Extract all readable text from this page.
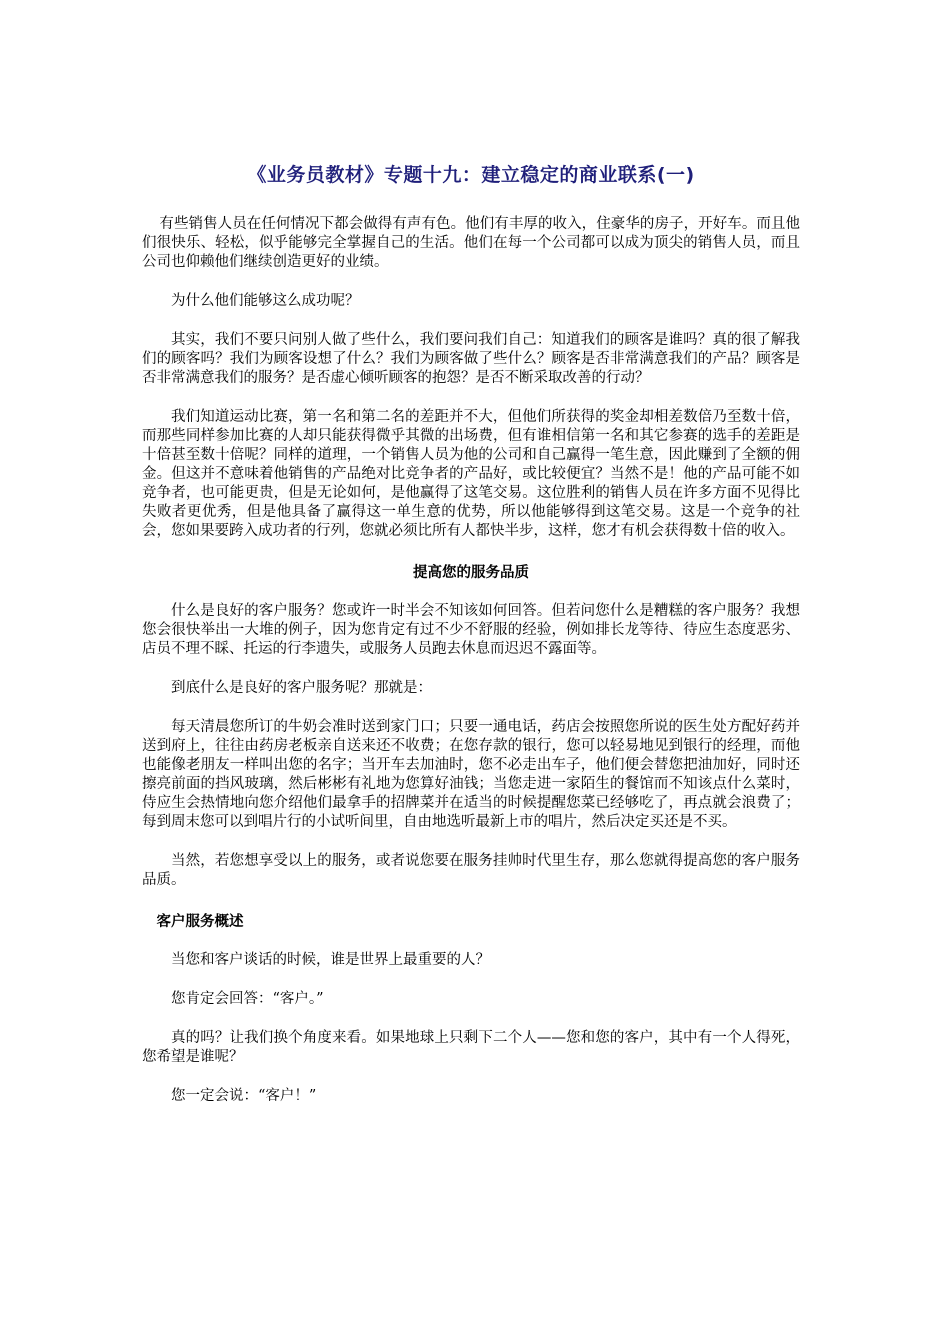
《业务员教材》专题十九：建立稳定的商业联系(一)

有些销售人员在任何情况下都会做得有声有色。他们有丰厚的收入，住豪华的房子，开好车。而且他们很快乐、轻松，似乎能够完全掌握自己的生活。他们在每一个公司都可以成为顶尖的销售人员，而且公司也仰赖他们继续创造更好的业绩。

为什么他们能够这么成功呢？

其实，我们不要只问别人做了些什么，我们要问我们自己：知道我们的顾客是谁吗？真的很了解我们的顾客吗？我们为顾客设想了什么？我们为顾客做了些什么？顾客是否非常满意我们的产品？顾客是否非常满意我们的服务？是否虚心倾听顾客的抱怨？是否不断采取改善的行动？

我们知道运动比赛，第一名和第二名的差距并不大，但他们所获得的奖金却相差数倍乃至数十倍，而那些同样参加比赛的人却只能获得微乎其微的出场费，但有谁相信第一名和其它参赛的选手的差距是十倍甚至数十倍呢？同样的道理，一个销售人员为他的公司和自己赢得一笔生意，因此赚到了全额的佣金。但这并不意味着他销售的产品绝对比竞争者的产品好，或比较便宜？当然不是！他的产品可能不如竞争者，也可能更贵，但是无论如何，是他赢得了这笔交易。这位胜利的销售人员在许多方面不见得比失败者更优秀，但是他具备了赢得这一单生意的优势，所以他能够得到这笔交易。这是一个竞争的社会，您如果要跨入成功者的行列，您就必须比所有人都快半步，这样，您才有机会获得数十倍的收入。

提高您的服务品质

什么是良好的客户服务？您或许一时半会不知该如何回答。但若问您什么是糟糕的客户服务？我想您会很快举出一大堆的例子，因为您肯定有过不少不舒服的经验，例如排长龙等待、待应生态度恶劣、店员不理不睬、托运的行李遗失，或服务人员跑去休息而迟迟不露面等。

到底什么是良好的客户服务呢？那就是：

每天清晨您所订的牛奶会准时送到家门口；只要一通电话，药店会按照您所说的医生处方配好药并送到府上，往往由药房老板亲自送来还不收费；在您存款的银行，您可以轻易地见到银行的经理，而他也能像老朋友一样叫出您的名字；当开车去加油时，您不必走出车子，他们便会替您把油加好，同时还擦亮前面的挡风玻璃，然后彬彬有礼地为您算好油钱；当您走进一家陌生的餐馆而不知该点什么菜时，侍应生会热情地向您介绍他们最拿手的招牌菜并在适当的时候提醒您菜已经够吃了，再点就会浪费了；每到周末您可以到唱片行的小试听间里，自由地选听最新上市的唱片，然后决定买还是不买。

当然，若您想享受以上的服务，或者说您要在服务挂帅时代里生存，那么您就得提高您的客户服务品质。

客户服务概述

当您和客户谈话的时候，谁是世界上最重要的人？

您肯定会回答：“客户。”

真的吗？让我们换个角度来看。如果地球上只剩下二个人——您和您的客户，其中有一个人得死，您希望是谁呢？

您一定会说：“客户！”
